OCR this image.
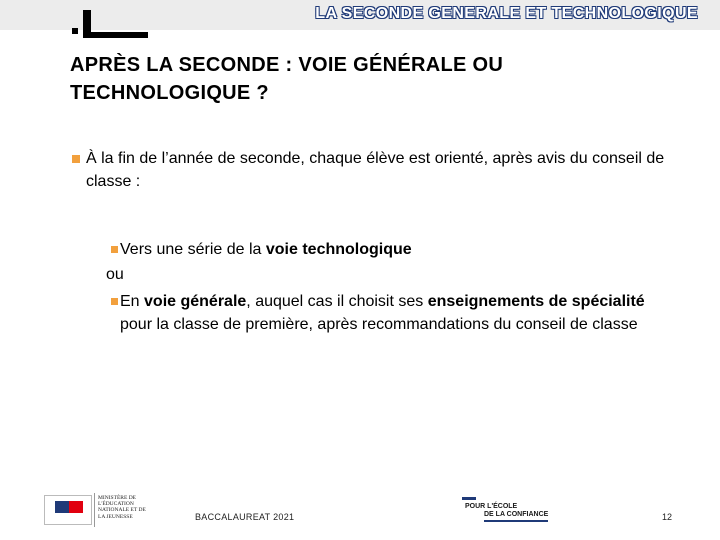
LA SECONDE GENERALE ET TECHNOLOGIQUE
APRÈS LA SECONDE : VOIE GÉNÉRALE OU TECHNOLOGIQUE ?
À la fin de l’année de seconde, chaque élève est orienté, après avis du conseil de classe :
Vers une série de la voie technologique
ou
En voie générale, auquel cas il choisit ses enseignements de spécialité pour la classe de première, après recommandations du conseil de classe
MINISTÈRE DE L'ÉDUCATION NATIONALE ET DE LA JEUNESSE	BACCALAUREAT 2021
POUR L'ÉCOLE
DE LA CONFIANCE	12
